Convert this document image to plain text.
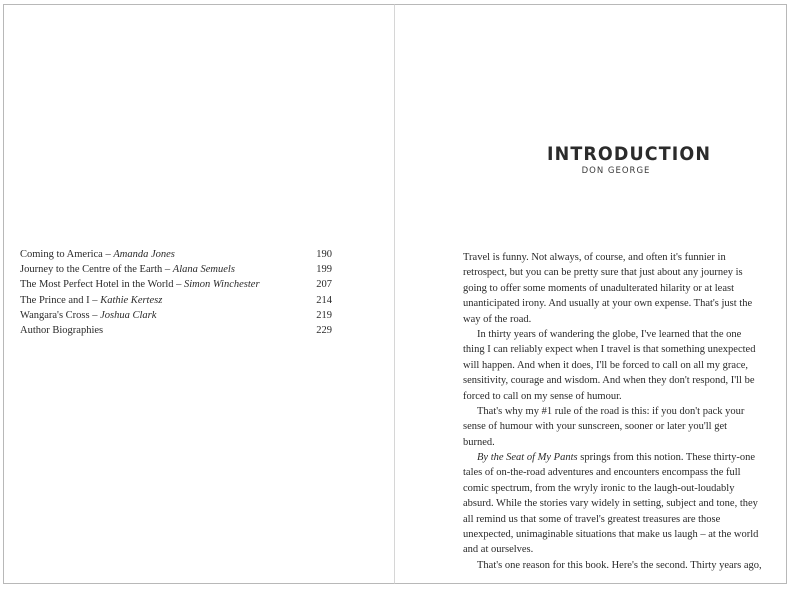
Coming to America – Amanda Jones	190
Journey to the Centre of the Earth – Alana Semuels	199
The Most Perfect Hotel in the World – Simon Winchester	207
The Prince and I – Kathie Kertesz	214
Wangara's Cross – Joshua Clark	219
Author Biographies	229
INTRODUCTION
DON GEORGE
Travel is funny. Not always, of course, and often it's funnier in
retrospect, but you can be pretty sure that just about any journey is
going to offer some moments of unadulterated hilarity or at least
unanticipated irony. And usually at your own expense. That's just the
way of the road.
In thirty years of wandering the globe, I've learned that the one
thing I can reliably expect when I travel is that something unexpected
will happen. And when it does, I'll be forced to call on all my grace,
sensitivity, courage and wisdom. And when they don't respond, I'll be
forced to call on my sense of humour.
That's why my #1 rule of the road is this: if you don't pack your
sense of humour with your sunscreen, sooner or later you'll get
burned.
By the Seat of My Pants springs from this notion. These thirty-one
tales of on-the-road adventures and encounters encompass the full
comic spectrum, from the wryly ironic to the laugh-out-loudably
absurd. While the stories vary widely in setting, subject and tone, they
all remind us that some of travel's greatest treasures are those
unexpected, unimaginable situations that make us laugh – at the world
and at ourselves.
That's one reason for this book. Here's the second. Thirty years ago,
